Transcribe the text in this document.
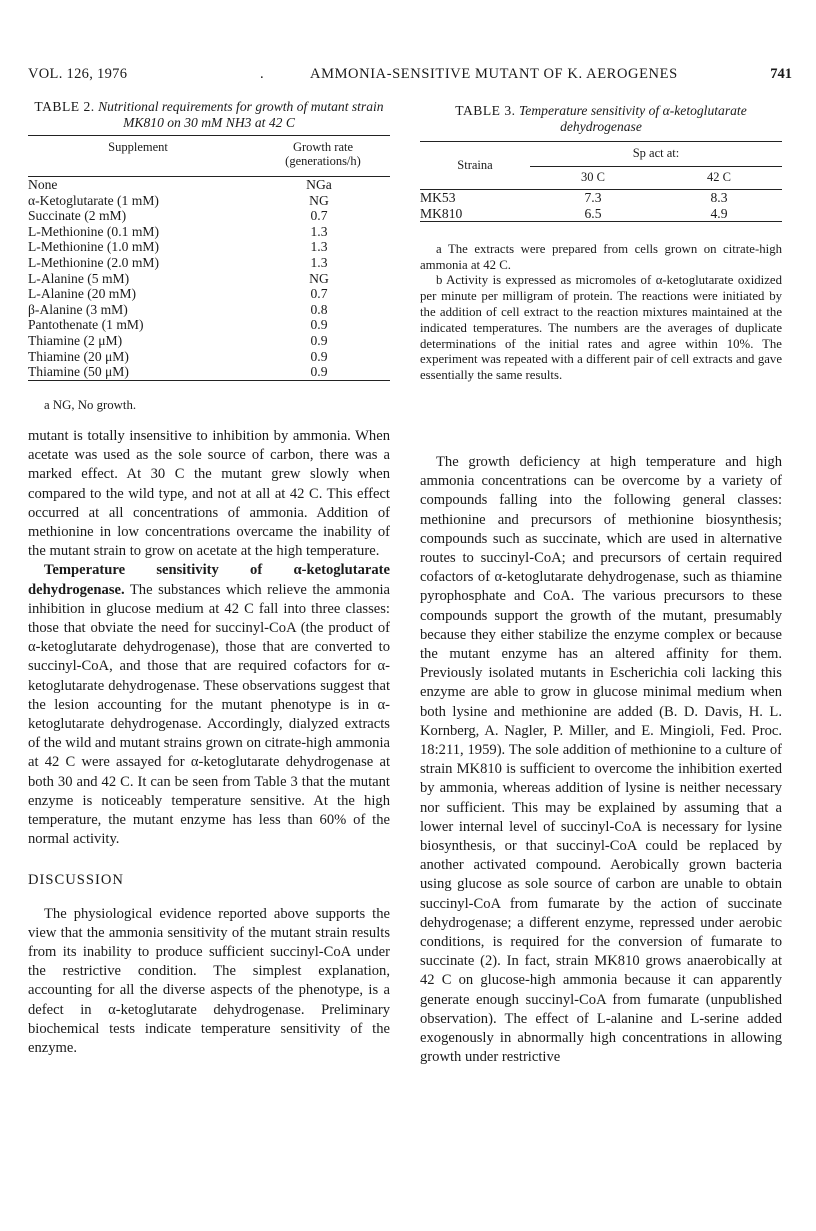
VOL. 126, 1976	.	AMMONIA-SENSITIVE MUTANT OF K. AEROGENES	741
TABLE 2. Nutritional requirements for growth of mutant strain MK810 on 30 mM NH3 at 42 C
Supplement	Growth rate (generations/h)
None	NGa
α-Ketoglutarate (1 mM)	NG
Succinate (2 mM)	0.7
L-Methionine (0.1 mM)	1.3
L-Methionine (1.0 mM)	1.3
L-Methionine (2.0 mM)	1.3
L-Alanine (5 mM)	NG
L-Alanine (20 mM)	0.7
β-Alanine (3 mM)	0.8
Pantothenate (1 mM)	0.9
Thiamine (2 μM)	0.9
Thiamine (20 μM)	0.9
Thiamine (50 μM)	0.9

a NG, No growth.

mutant is totally insensitive to inhibition by ammonia. When acetate was used as the sole source of carbon, there was a marked effect. At 30 C the mutant grew slowly when compared to the wild type, and not at all at 42 C. This effect occurred at all concentrations of ammonia. Addition of methionine in low concentrations overcame the inability of the mutant strain to grow on acetate at the high temperature.

Temperature sensitivity of α-ketoglutarate dehydrogenase. The substances which relieve the ammonia inhibition in glucose medium at 42 C fall into three classes: those that obviate the need for succinyl-CoA (the product of α-ketoglutarate dehydrogenase), those that are converted to succinyl-CoA, and those that are required cofactors for α-ketoglutarate dehydrogenase. These observations suggest that the lesion accounting for the mutant phenotype is in α-ketoglutarate dehydrogenase. Accordingly, dialyzed extracts of the wild and mutant strains grown on citrate-high ammonia at 42 C were assayed for α-ketoglutarate dehydrogenase at both 30 and 42 C. It can be seen from Table 3 that the mutant enzyme is noticeably temperature sensitive. At the high temperature, the mutant enzyme has less than 60% of the normal activity.

DISCUSSION

The physiological evidence reported above supports the view that the ammonia sensitivity of the mutant strain results from its inability to produce sufficient succinyl-CoA under the restrictive condition. The simplest explanation, accounting for all the diverse aspects of the phenotype, is a defect in α-ketoglutarate dehydrogenase. Preliminary biochemical tests indicate temperature sensitivity of the enzyme.

TABLE 3. Temperature sensitivity of α-ketoglutarate dehydrogenase
Straina	Sp act at:	
	30 C	42 C
MK53	7.3	8.3
MK810	6.5	4.9

a The extracts were prepared from cells grown on citrate-high ammonia at 42 C.

b Activity is expressed as micromoles of α-ketoglutarate oxidized per minute per milligram of protein. The reactions were initiated by the addition of cell extract to the reaction mixtures maintained at the indicated temperatures. The numbers are the averages of duplicate determinations of the initial rates and agree within 10%. The experiment was repeated with a different pair of cell extracts and gave essentially the same results.

The growth deficiency at high temperature and high ammonia concentrations can be overcome by a variety of compounds falling into the following general classes: methionine and precursors of methionine biosynthesis; compounds such as succinate, which are used in alternative routes to succinyl-CoA; and precursors of certain required cofactors of α-ketoglutarate dehydrogenase, such as thiamine pyrophosphate and CoA. The various precursors to these compounds support the growth of the mutant, presumably because they either stabilize the enzyme complex or because the mutant enzyme has an altered affinity for them. Previously isolated mutants in Escherichia coli lacking this enzyme are able to grow in glucose minimal medium when both lysine and methionine are added (B. D. Davis, H. L. Kornberg, A. Nagler, P. Miller, and E. Mingioli, Fed. Proc. 18:211, 1959). The sole addition of methionine to a culture of strain MK810 is sufficient to overcome the inhibition exerted by ammonia, whereas addition of lysine is neither necessary nor sufficient. This may be explained by assuming that a lower internal level of succinyl-CoA is necessary for lysine biosynthesis, or that succinyl-CoA could be replaced by another activated compound. Aerobically grown bacteria using glucose as sole source of carbon are unable to obtain succinyl-CoA from fumarate by the action of succinate dehydrogenase; a different enzyme, repressed under aerobic conditions, is required for the conversion of fumarate to succinate (2). In fact, strain MK810 grows anaerobically at 42 C on glucose-high ammonia because it can apparently generate enough succinyl-CoA from fumarate (unpublished observation). The effect of L-alanine and L-serine added exogenously in abnormally high concentrations in allowing growth under restrictive
